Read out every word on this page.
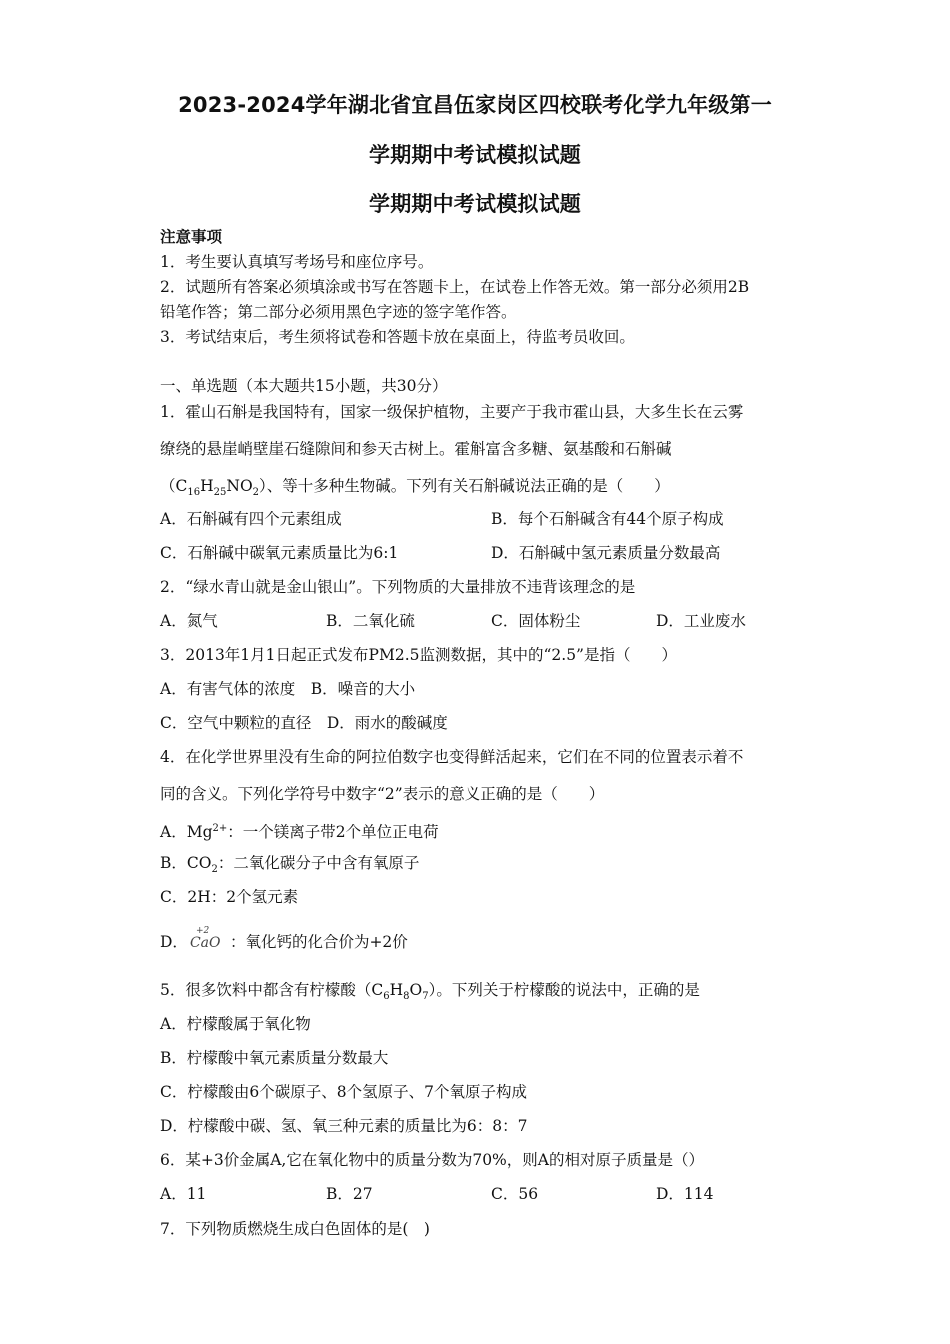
2023-2024学年湖北省宜昌伍家岗区四校联考化学九年级第一
学期期中考试模拟试题
学期期中考试模拟试题
注意事项
1．考生要认真填写考场号和座位序号。
2．试题所有答案必须填涂或书写在答题卡上，在试卷上作答无效。第一部分必须用2B
铅笔作答；第二部分必须用黑色字迹的签字笔作答。
3．考试结束后，考生须将试卷和答题卡放在桌面上，待监考员收回。
一、单选题（本大题共15小题，共30分）
1．霍山石斛是我国特有，国家一级保护植物，主要产于我市霍山县，大多生长在云雾
缭绕的悬崖峭壁崖石缝隙间和参天古树上。霍斛富含多糖、氨基酸和石斛碱
$(C_{16}H_{25}NO_2)$、等十多种生物碱。下列有关石斛碱说法正确的是（　　）
A．石斛碱有四个元素组成	B．每个石斛碱含有44个原子构成
C．石斛碱中碳氧元素质量比为6:1	D．石斛碱中氢元素质量分数最高
2．“绿水青山就是金山银山”。下列物质的大量排放不违背该理念的是
A．氮气	B．二氧化硫	C．固体粉尘	D．工业废水
3．2013年1月1日起正式发布PM2.5监测数据，其中的“2.5”是指（　　）
A．有害气体的浓度　B．噪音的大小
C．空气中颗粒的直径　D．雨水的酸碱度
4．在化学世界里没有生命的阿拉伯数字也变得鲜活起来，它们在不同的位置表示着不
同的含义。下列化学符号中数字“2”表示的意义正确的是（　　）
A．$Mg^{2+}$：一个镁离子带2个单位正电荷
B．$CO_2$：二氧化碳分子中含有氧原子
C．2H：2个氢元素
D．
+2
CaO ：氧化钙的化合价为+2价
5．很多饮料中都含有柠檬酸$(C_6H_8O_7)$。下列关于柠檬酸的说法中，正确的是
A．柠檬酸属于氧化物
B．柠檬酸中氧元素质量分数最大
C．柠檬酸由6个碳原子、8个氢原子、7个氧原子构成
D．柠檬酸中碳、氢、氧三种元素的质量比为6：8：7
6．某+3价金属A,它在氧化物中的质量分数为70%，则A的相对原子质量是（）
A．11	B．27	C．56	D．114
7．下列物质燃烧生成白色固体的是(　)
